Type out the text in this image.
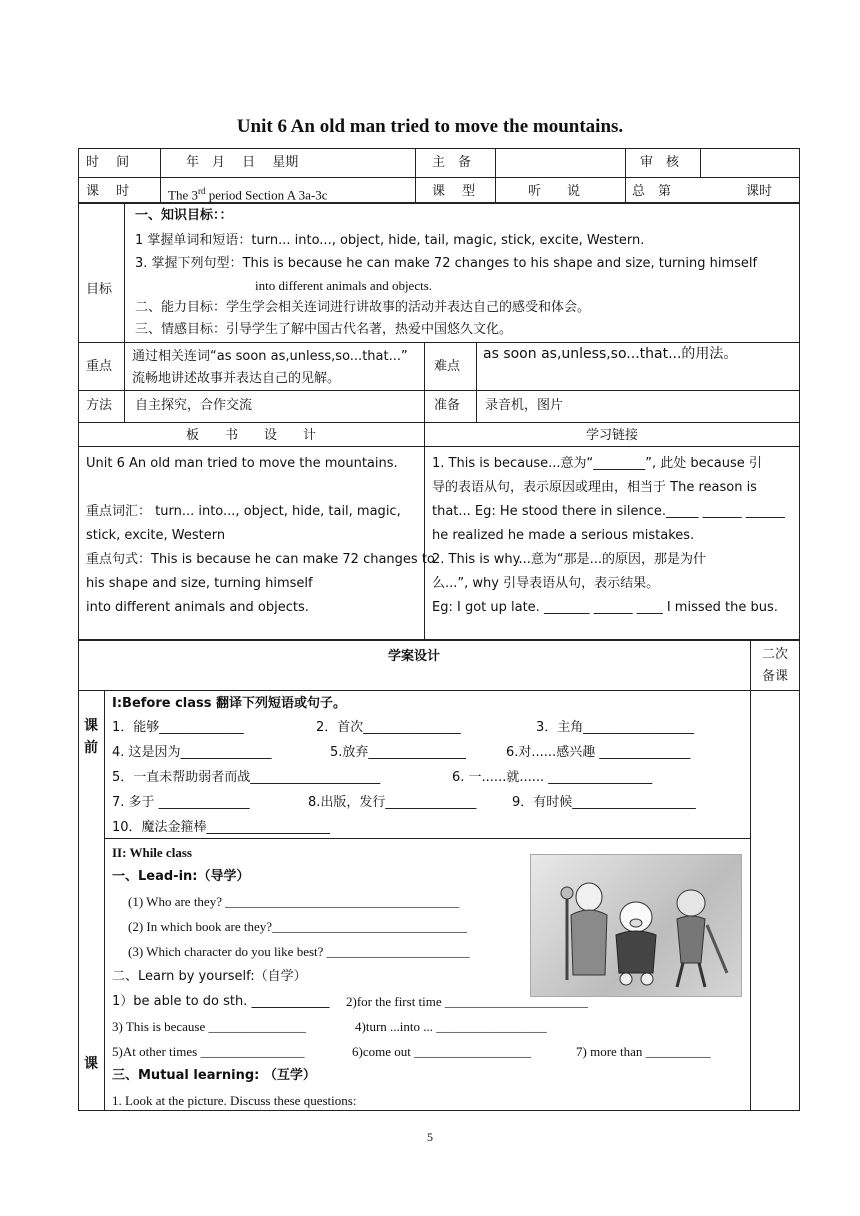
Unit 6 An old man tried to move the mountains.
时　 间	年　月　 日　 星期	主　备	审　核
课　 时	The 3rd period Section A 3a-3c	课　 型	听　　说	总　第	课时
目标
一、知识目标：：
1 掌握单词和短语：turn... into..., object, hide, tail, magic, stick, excite, Western.
3. 掌握下列句型：This is because he can make 72 changes to his shape and size, turning himself
into different animals and objects.
二、能力目标：学生学会相关连词进行讲故事的活动并表达自己的感受和体会。
三、情感目标：引导学生了解中国古代名著，热爱中国悠久文化。
重点
通过相关连词“as soon as,unless,so...that...”
流畅地讲述故事并表达自己的见解。
难点
as soon as,unless,so...that...的用法。
方法 自主探究，合作交流	准备 录音机，图片
板　　书　　设　　计	学习链接
Unit 6 An old man tried to move the mountains.
重点词汇： turn... into..., object, hide, tail, magic,
stick, excite, Western
重点句式：This is because he can make 72 changes to
his shape and size, turning himself
into different animals and objects.
1. This is because...意为“________”, 此处 because 引
导的表语从句，表示原因或理由，相当于 The reason is
that... Eg: He stood there in silence._____ ______ ______
he realized he made a serious mistakes.
2. This is why...意为“那是...的原因，那是为什
么...”, why 引导表语从句，表示结果。
Eg: I got up late. _______ ______ ____ I missed the bus.
学案设计	二次
备课
课
前
I:Before class 翻译下列短语或句子。
1．能够_____________	2．首次_______________	3．主角_________________
4. 这是因为______________	5.放弃_______________	6.对......感兴趣 ______________
5．一直未帮助弱者而战____________________	6. 一......就...... ________________
7. 多于 ______________	8.出版，发行______________	9．有时候___________________
10．魔法金箍棒___________________
课
II: While class
一、Lead-in:（导学）
(1) Who are they? ____________________________________
(2) In which book are they?______________________________
(3) Which character do you like best? ______________________
二、Learn by yourself:（自学）
1）be able to do sth. ____________ 2)for the first time ______________________
3) This is because _______________	4)turn ...into ... _________________
5)At other times ________________	6)come out __________________	7) more than __________
三、Mutual learning: （互学）
1. Look at the picture. Discuss these questions:
5
